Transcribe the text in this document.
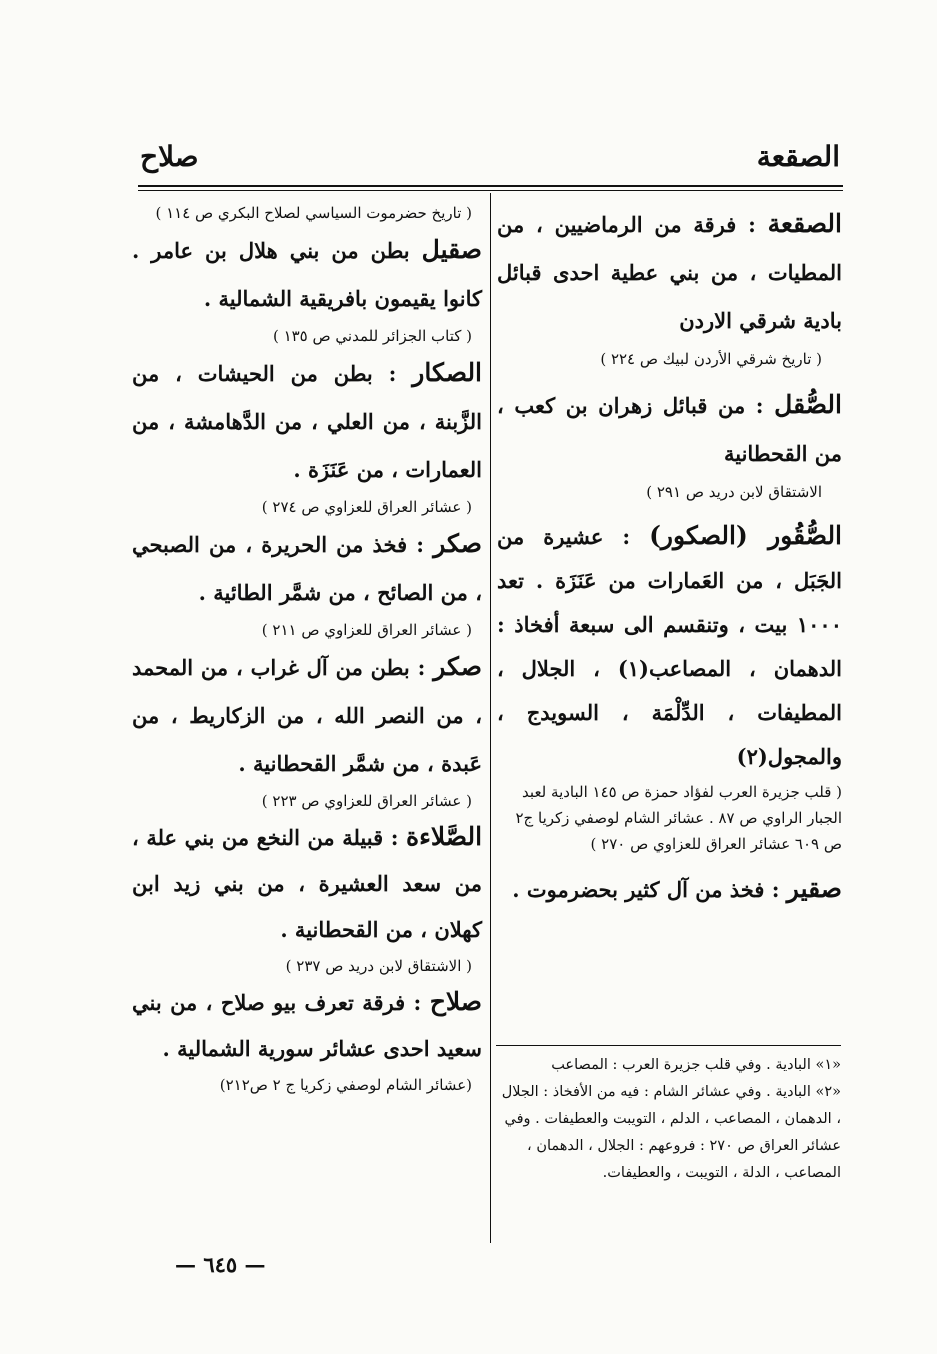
الصقعة
صلاح

الصقعة : فرقة من الرماضيين ، من المطيات ، من بني عطية احدى قبائل بادية شرقي الاردن

( تاريخ شرقي الأردن لبيك ص ٢٢٤ )

الصُّقل : من قبائل زهران بن كعب ، من القحطانية

الاشتقاق لابن دريد ص ٢٩١ )

الصُّقُور (الصكور) : عشيرة من الجَبَل ، من العَمارات من عَنَزَة . تعد ١٠٠٠ بيت ، وتنقسم الى سبعة أفخاذ : الدهمان ، المصاعب(١) ، الجلال ، المطيفات ، الدِّلْمَة ، السويدج ، والمجول(٢)

( قلب جزيرة العرب لفؤاد حمزة ص ١٤٥ البادية لعبد الجبار الراوي ص ٨٧ . عشائر الشام لوصفي زكريا ج٢ ص ٦٠٩ عشائر العراق للعزاوي ص ٢٧٠ )

صقير : فخذ من آل كثير بحضرموت .

«١» البادية . وفي قلب جزيرة العرب : المصاعب
«٢» البادية . وفي عشائر الشام : فيه من الأفخاذ : الجلال ، الدهمان ، المصاعب ، الدلم ، التويبت والعطيفات . وفي عشائر العراق ص ٢٧٠ : فروعهم : الجلال ، الدهمان ، المصاعب ، الدلة ، التويبت ، والعطيفات.
( تاريخ حضرموت السياسي لصلاح البكري ص ١١٤ )

صقيل بطن من بني هلال بن عامر . كانوا يقيمون بافريقية الشمالية .

( كتاب الجزائر للمدني ص ١٣٥ )

الصكار : بطن من الحيشات ، من الزَّبنة ، من العلي ، من الدَّهامشة ، من العمارات ، من عَنَزَة .

( عشائر العراق للعزاوي ص ٢٧٤ )

صكر : فخذ من الحريرة ، من الصبحي ، من الصائح ، من شمَّر الطائية .

( عشائر العراق للعزاوي ص ٢١١ )

صكر : بطن من آل غراب ، من المحمد ، من النصر الله ، من الزكاريط ، من عَبدة ، من شمَّر القحطانية .

( عشائر العراق للعزاوي ص ٢٢٣ )

الصَّلاءة : قبيلة من النخع من بني علة ، من سعد العشيرة ، من بني زيد ابن كهلان ، من القحطانية .

( الاشتقاق لابن دريد ص ٢٣٧ )

صلاح : فرقة تعرف بيو صلاح ، من بني سعيد احدى عشائر سورية الشمالية .

(عشائر الشام لوصفي زكريا ج ٢ ص٢١٢)
— ٦٤٥ —
